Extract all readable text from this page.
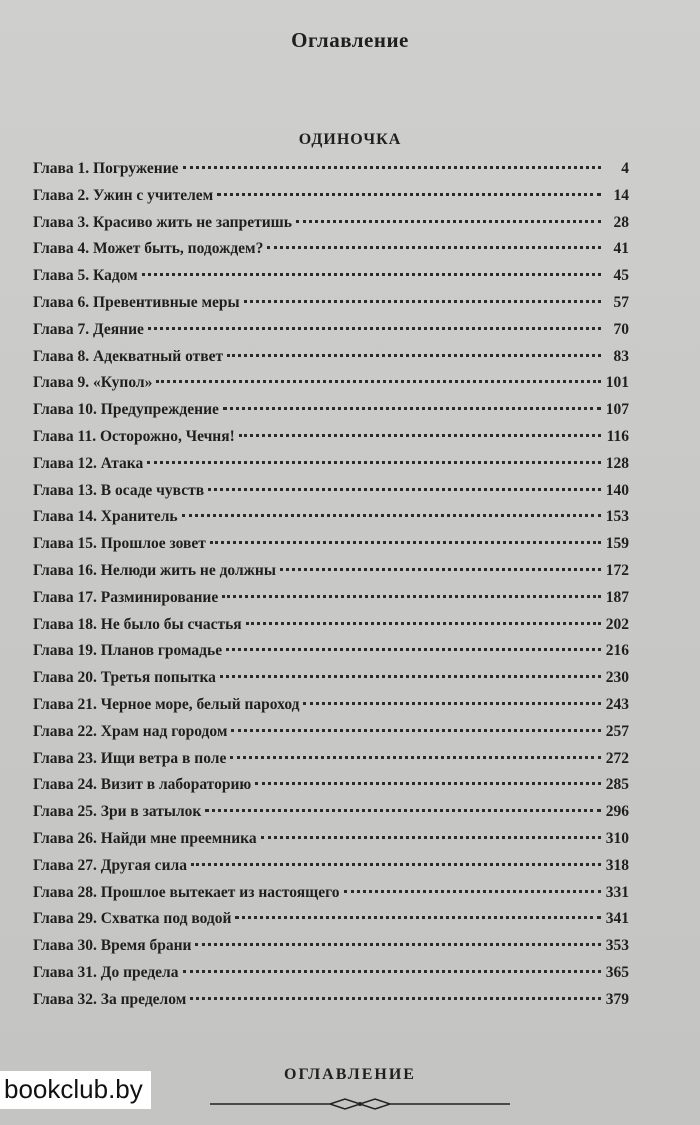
Оглавление
ОДИНОЧКА
Глава 1. Погружение	4
Глава 2. Ужин с учителем	14
Глава 3. Красиво жить не запретишь	28
Глава 4. Может быть, подождем?	41
Глава 5. Кадом	45
Глава 6. Превентивные меры	57
Глава 7. Деяние	70
Глава 8. Адекватный ответ	83
Глава 9. «Купол»	101
Глава 10. Предупреждение	107
Глава 11. Осторожно, Чечня!	116
Глава 12. Атака	128
Глава 13. В осаде чувств	140
Глава 14. Хранитель	153
Глава 15. Прошлое зовет	159
Глава 16. Нелюди жить не должны	172
Глава 17. Разминирование	187
Глава 18. Не было бы счастья	202
Глава 19. Планов громадье	216
Глава 20. Третья попытка	230
Глава 21. Черное море, белый пароход	243
Глава 22. Храм над городом	257
Глава 23. Ищи ветра в поле	272
Глава 24. Визит в лабораторию	285
Глава 25. Зри в затылок	296
Глава 26. Найди мне преемника	310
Глава 27. Другая сила	318
Глава 28. Прошлое вытекает из настоящего	331
Глава 29. Схватка под водой	341
Глава 30. Время брани	353
Глава 31. До предела	365
Глава 32. За пределом	379
ОГЛАВЛЕНИЕ
bookclub.by
